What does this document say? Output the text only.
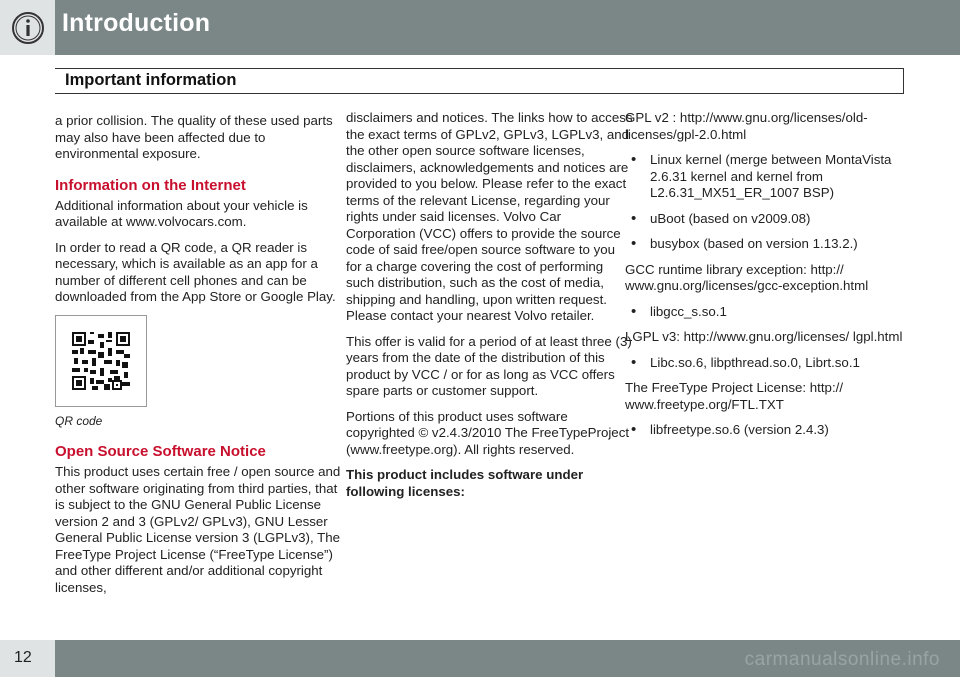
Introduction
Important information

a prior collision. The quality of these used parts may also have been affected due to environmental exposure.

Information on the Internet

Additional information about your vehicle is available at www.volvocars.com.

In order to read a QR code, a QR reader is necessary, which is available as an app for a number of different cell phones and can be downloaded from the App Store or Google Play.

QR code

Open Source Software Notice

This product uses certain free / open source and other software originating from third parties, that is subject to the GNU General Public License version 2 and 3 (GPLv2/ GPLv3), GNU Lesser General Public License version 3 (LGPLv3), The FreeType Project License (“FreeType License”) and other different and/or additional copyright licenses,

disclaimers and notices. The links how to access the exact terms of GPLv2, GPLv3, LGPLv3, and the other open source software licenses, disclaimers, acknowledgements and notices are provided to you below. Please refer to the exact terms of the relevant License, regarding your rights under said licenses. Volvo Car Corporation (VCC) offers to provide the source code of said free/open source software to you for a charge covering the cost of performing such distribution, such as the cost of media, shipping and handling, upon written request. Please contact your nearest Volvo retailer.

This offer is valid for a period of at least three (3) years from the date of the distribution of this product by VCC / or for as long as VCC offers spare parts or customer support.

Portions of this product uses software copyrighted © v2.4.3/2010 The FreeTypeProject (www.freetype.org). All rights reserved.

This product includes software under following licenses:

GPL v2 : http://www.gnu.org/licenses/old-licenses/gpl-2.0.html

• Linux kernel (merge between MontaVista 2.6.31 kernel and kernel from L2.6.31_MX51_ER_1007 BSP)
• uBoot (based on v2009.08)
• busybox (based on version 1.13.2.)

GCC runtime library exception: http:// www.gnu.org/licenses/gcc-exception.html

• libgcc_s.so.1

LGPL v3: http://www.gnu.org/licenses/ lgpl.html

• Libc.so.6, libpthread.so.0, Librt.so.1

The FreeType Project License: http:// www.freetype.org/FTL.TXT

• libfreetype.so.6 (version 2.4.3)
12	carmanualsonline.info
